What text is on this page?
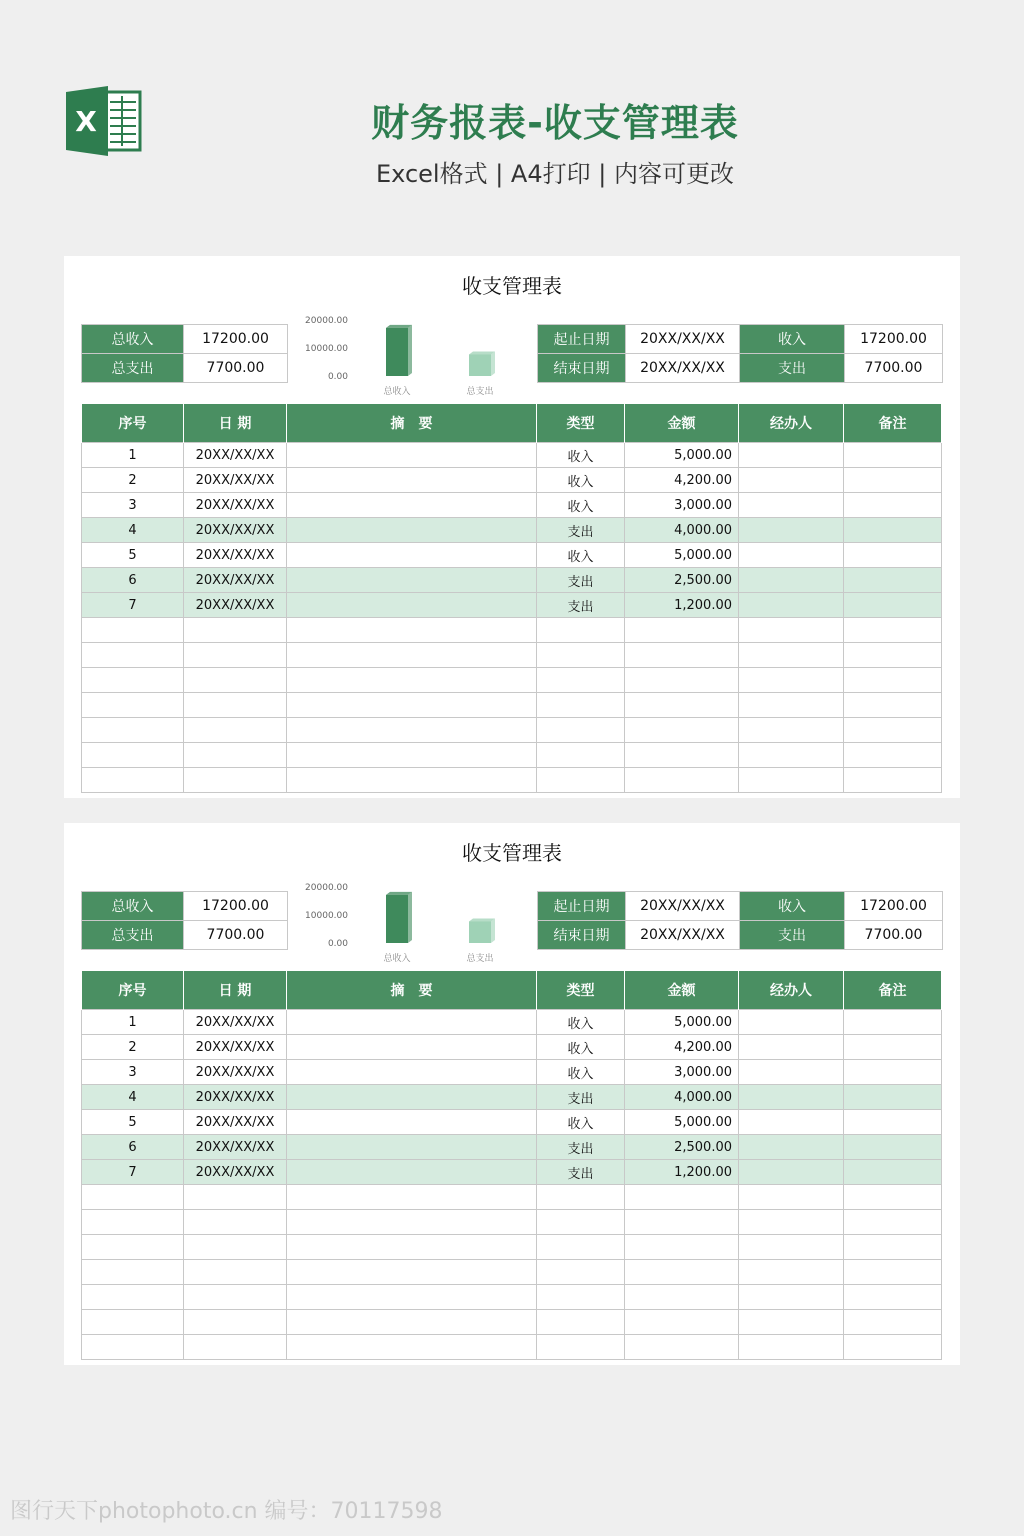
X	财务报表-收支管理表
Excel格式 | A4打印 | 内容可更改
收支管理表
总收入	17200.00
总支出	7700.00
20000.00
10000.00
0.00
总收入	总支出
起止日期	20XX/XX/XX	收入	17200.00
结束日期	20XX/XX/XX	支出	7700.00
序号	日 期	摘　要	类型	金额	经办人	备注
1	20XX/XX/XX		收入	5,000.00		
2	20XX/XX/XX		收入	4,200.00		
3	20XX/XX/XX		收入	3,000.00		
4	20XX/XX/XX		支出	4,000.00		
5	20XX/XX/XX		收入	5,000.00		
6	20XX/XX/XX		支出	2,500.00		
7	20XX/XX/XX		支出	1,200.00		

收支管理表
总收入	17200.00
总支出	7700.00
20000.00
10000.00
0.00
总收入	总支出
起止日期	20XX/XX/XX	收入	17200.00
结束日期	20XX/XX/XX	支出	7700.00
序号	日 期	摘　要	类型	金额	经办人	备注
1	20XX/XX/XX		收入	5,000.00		
2	20XX/XX/XX		收入	4,200.00		
3	20XX/XX/XX		收入	3,000.00		
4	20XX/XX/XX		支出	4,000.00		
5	20XX/XX/XX		收入	5,000.00		
6	20XX/XX/XX		支出	2,500.00		
7	20XX/XX/XX		支出	1,200.00		

图行天下photophoto.cn 编号：70117598
